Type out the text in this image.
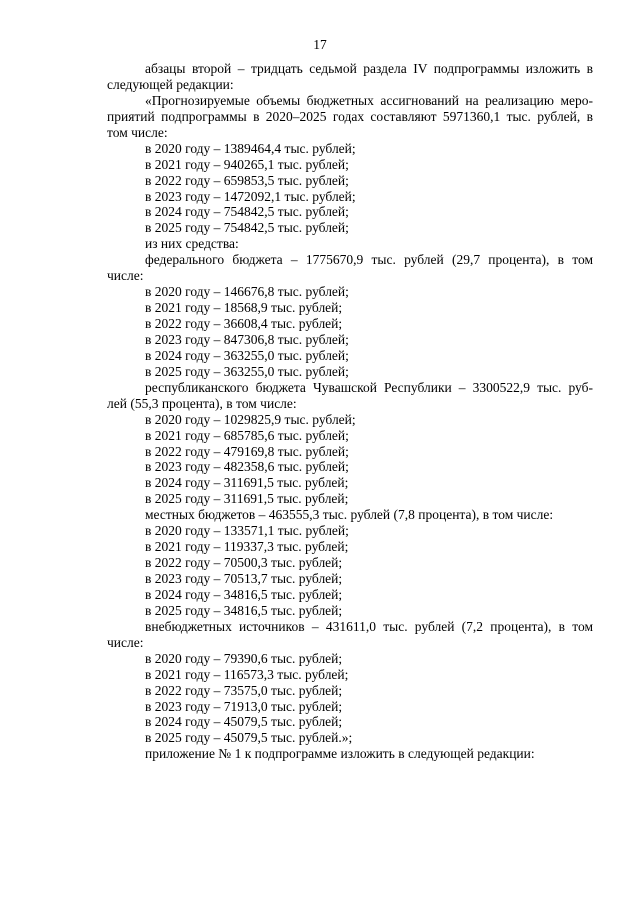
17
абзацы второй – тридцать седьмой раздела IV подпрограммы изложить в
следующей редакции:
«Прогнозируемые объемы бюджетных ассигнований на реализацию меро-
приятий подпрограммы в 2020–2025 годах составляют 5971360,1 тыс. рублей, в
том числе:
в 2020 году – 1389464,4 тыс. рублей;
в 2021 году – 940265,1 тыс. рублей;
в 2022 году – 659853,5 тыс. рублей;
в 2023 году – 1472092,1 тыс. рублей;
в 2024 году – 754842,5 тыс. рублей;
в 2025 году – 754842,5 тыс. рублей;
из них средства:
федерального бюджета – 1775670,9 тыс. рублей (29,7 процента), в том
числе:
в 2020 году – 146676,8 тыс. рублей;
в 2021 году – 18568,9 тыс. рублей;
в 2022 году – 36608,4 тыс. рублей;
в 2023 году – 847306,8 тыс. рублей;
в 2024 году – 363255,0 тыс. рублей;
в 2025 году – 363255,0 тыс. рублей;
республиканского бюджета Чувашской Республики – 3300522,9 тыс. руб-
лей (55,3 процента), в том числе:
в 2020 году – 1029825,9 тыс. рублей;
в 2021 году – 685785,6 тыс. рублей;
в 2022 году – 479169,8 тыс. рублей;
в 2023 году – 482358,6 тыс. рублей;
в 2024 году – 311691,5 тыс. рублей;
в 2025 году – 311691,5 тыс. рублей;
местных бюджетов – 463555,3 тыс. рублей (7,8 процента), в том числе:
в 2020 году – 133571,1 тыс. рублей;
в 2021 году – 119337,3 тыс. рублей;
в 2022 году – 70500,3 тыс. рублей;
в 2023 году – 70513,7 тыс. рублей;
в 2024 году – 34816,5 тыс. рублей;
в 2025 году – 34816,5 тыс. рублей;
внебюджетных источников – 431611,0 тыс. рублей (7,2 процента), в том
числе:
в 2020 году – 79390,6 тыс. рублей;
в 2021 году – 116573,3 тыс. рублей;
в 2022 году – 73575,0 тыс. рублей;
в 2023 году – 71913,0 тыс. рублей;
в 2024 году – 45079,5 тыс. рублей;
в 2025 году – 45079,5 тыс. рублей.»;
приложение № 1 к подпрограмме изложить в следующей редакции:
